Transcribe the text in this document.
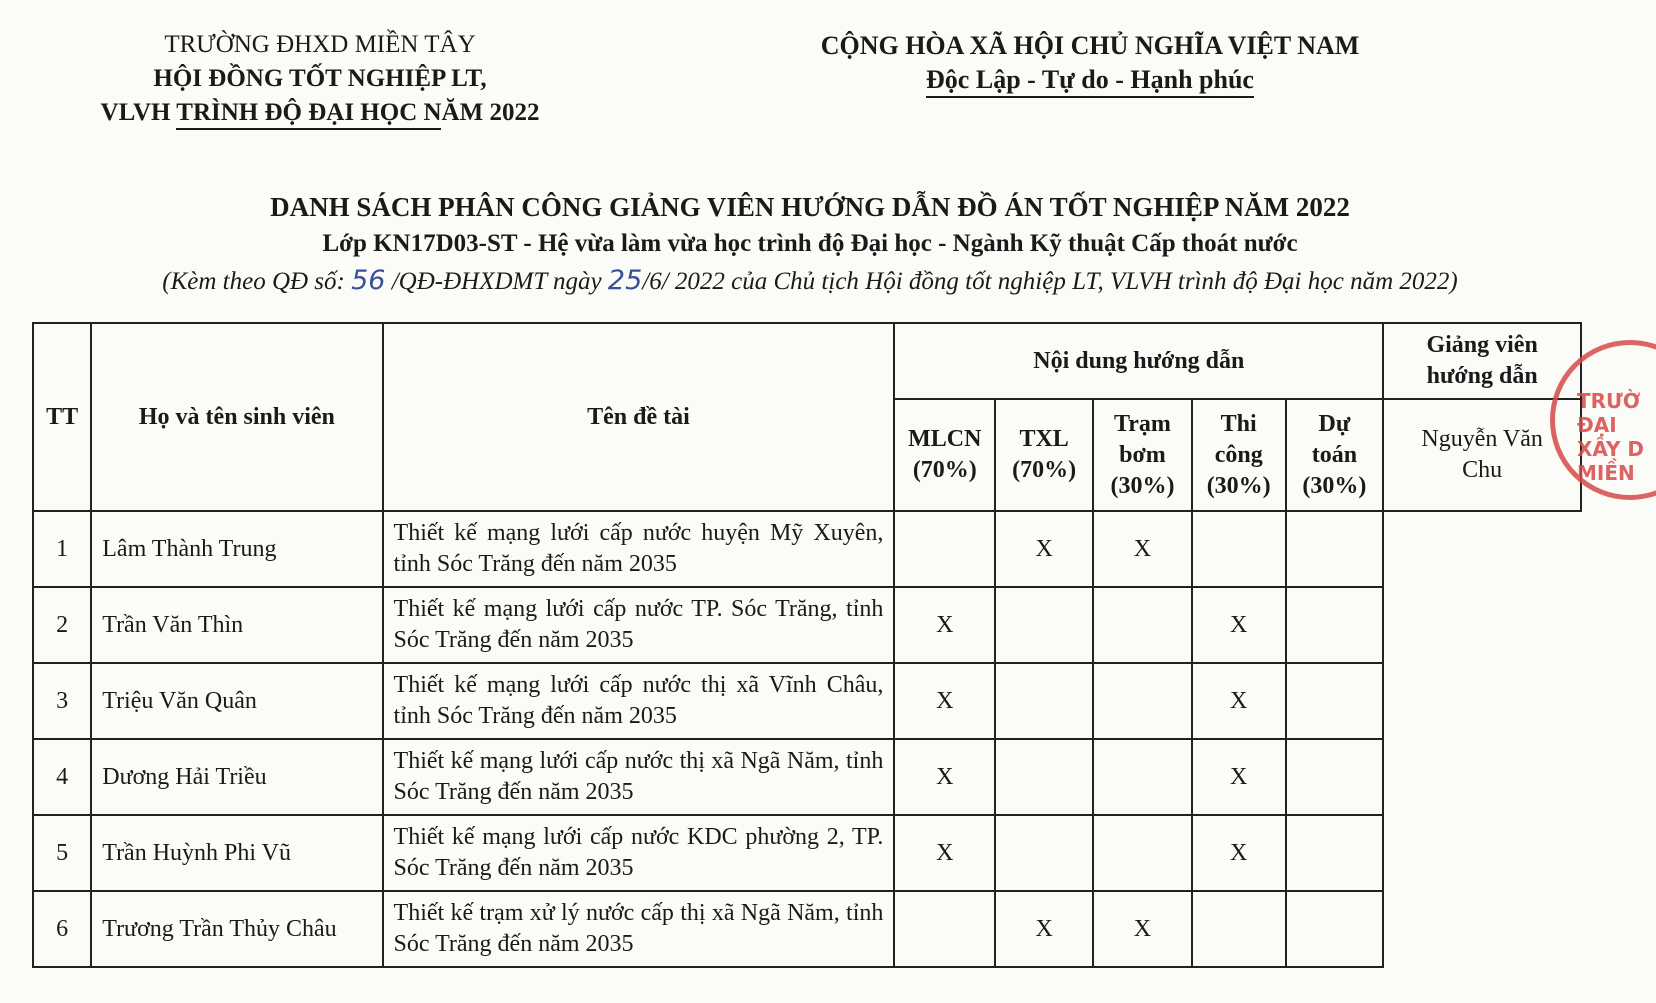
TRƯỜNG ĐHXD MIỀN TÂY
HỘI ĐỒNG TỐT NGHIỆP LT,
VLVH TRÌNH ĐỘ ĐẠI HỌC NĂM 2022
CỘNG HÒA XÃ HỘI CHỦ NGHĨA VIỆT NAM
Độc Lập - Tự do - Hạnh phúc
DANH SÁCH PHÂN CÔNG GIẢNG VIÊN HƯỚNG DẪN ĐỒ ÁN TỐT NGHIỆP NĂM 2022
Lớp KN17D03-ST - Hệ vừa làm vừa học trình độ Đại học - Ngành Kỹ thuật Cấp thoát nước
(Kèm theo QĐ số: 56 /QĐ-ĐHXDMT ngày 25/6/ 2022 của Chủ tịch Hội đồng tốt nghiệp LT, VLVH trình độ Đại học năm 2022)
TT	Họ và tên sinh viên	Tên đề tài	Nội dung hướng dẫn					Giảng viên hướng dẫn
			MLCN
(70%)	TXL
(70%)	Trạm bơm
(30%)	Thi công
(30%)	Dự toán
(30%)	Nguyễn Văn Chu
1	Lâm Thành Trung	Thiết kế mạng lưới cấp nước huyện Mỹ Xuyên, tỉnh Sóc Trăng đến năm 2035		X	X			
2	Trần Văn Thìn	Thiết kế mạng lưới cấp nước TP. Sóc Trăng, tỉnh Sóc Trăng đến năm 2035	X			X		
3	Triệu Văn Quân	Thiết kế mạng lưới cấp nước thị xã Vĩnh Châu, tỉnh Sóc Trăng đến năm 2035	X			X		
4	Dương Hải Triều	Thiết kế mạng lưới cấp nước thị xã Ngã Năm, tỉnh Sóc Trăng đến năm 2035	X			X		
5	Trần Huỳnh Phi Vũ	Thiết kế mạng lưới cấp nước KDC phường 2, TP. Sóc Trăng đến năm 2035	X			X		
6	Trương Trần Thủy Châu	Thiết kế trạm xử lý nước cấp thị xã Ngã Năm, tỉnh Sóc Trăng đến năm 2035		X	X			
TRƯỜ
ĐẠI
XÂY D
MIỀN
